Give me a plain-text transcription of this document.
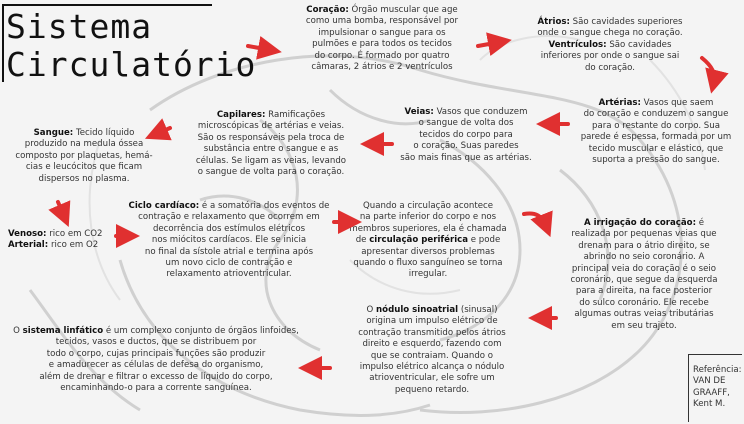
Sistema
Circulatório
Coração: Órgão muscular que age
como uma bomba, responsável por
impulsionar o sangue para os
pulmões e para todos os tecidos
do corpo. É formado por quatro
câmaras, 2 átrios e 2 ventrículos
Átrios: São cavidades superiores
onde o sangue chega no coração.
Ventrículos: São cavidades
inferiores por onde o sangue sai
do coração.
Artérias: Vasos que saem
do coração e conduzem o sangue
para o restante do corpo. Sua
parede é espessa, formada por um
tecido muscular e elástico, que
suporta a pressão do sangue.
Veias: Vasos que conduzem
o sangue de volta dos
tecidos do corpo para
o coração. Suas paredes
são mais finas que as artérias.
Capilares: Ramificações
microscópicas de artérias e veias.
São os responsáveis pela troca de
substância entre o sangue e as
células. Se ligam as veias, levando
o sangue de volta para o coração.
Sangue: Tecido líquido
produzido na medula óssea
composto por plaquetas, hemá-
cias e leucócitos que ficam
dispersos no plasma.
Venoso: rico em CO2
Arterial: rico em O2
Ciclo cardíaco: é a somatória dos eventos de
contração e relaxamento que ocorrem em
decorrência dos estímulos elétricos
nos miócitos cardíacos. Ele se inicia
no final da sístole atrial e termina após
um novo ciclo de contração e
relaxamento atrioventricular.
Quando a circulação acontece
na parte inferior do corpo e nos
membros superiores, ela é chamada
de circulação periférica e pode
apresentar diversos problemas
quando o fluxo sanguíneo se torna irregular.
A irrigação do coração: é
realizada por pequenas veias que
drenam para o átrio direito, se
abrindo no seio coronário. A
principal veia do coração é o seio
coronário, que segue da esquerda
para a direita, na face posterior
do sulco coronário. Ele recebe
algumas outras veias tributárias
em seu trajeto.
O nódulo sinoatrial (sinusal)
origina um impulso elétrico de
contração transmitido pelos átrios
direito e esquerdo, fazendo com
que se contraiam. Quando o
impulso elétrico alcança o nódulo
atrioventricular, ele sofre um
pequeno retardo.
O sistema linfático é um complexo conjunto de órgãos linfoides,
tecidos, vasos e ductos, que se distribuem por
todo o corpo, cujas principais funções são produzir
e amadurecer as células de defesa do organismo,
além de drenar e filtrar o excesso de líquido do corpo,
encaminhando-o para a corrente sanguínea.
Referência:
VAN DE
GRAAFF,
Kent M.
